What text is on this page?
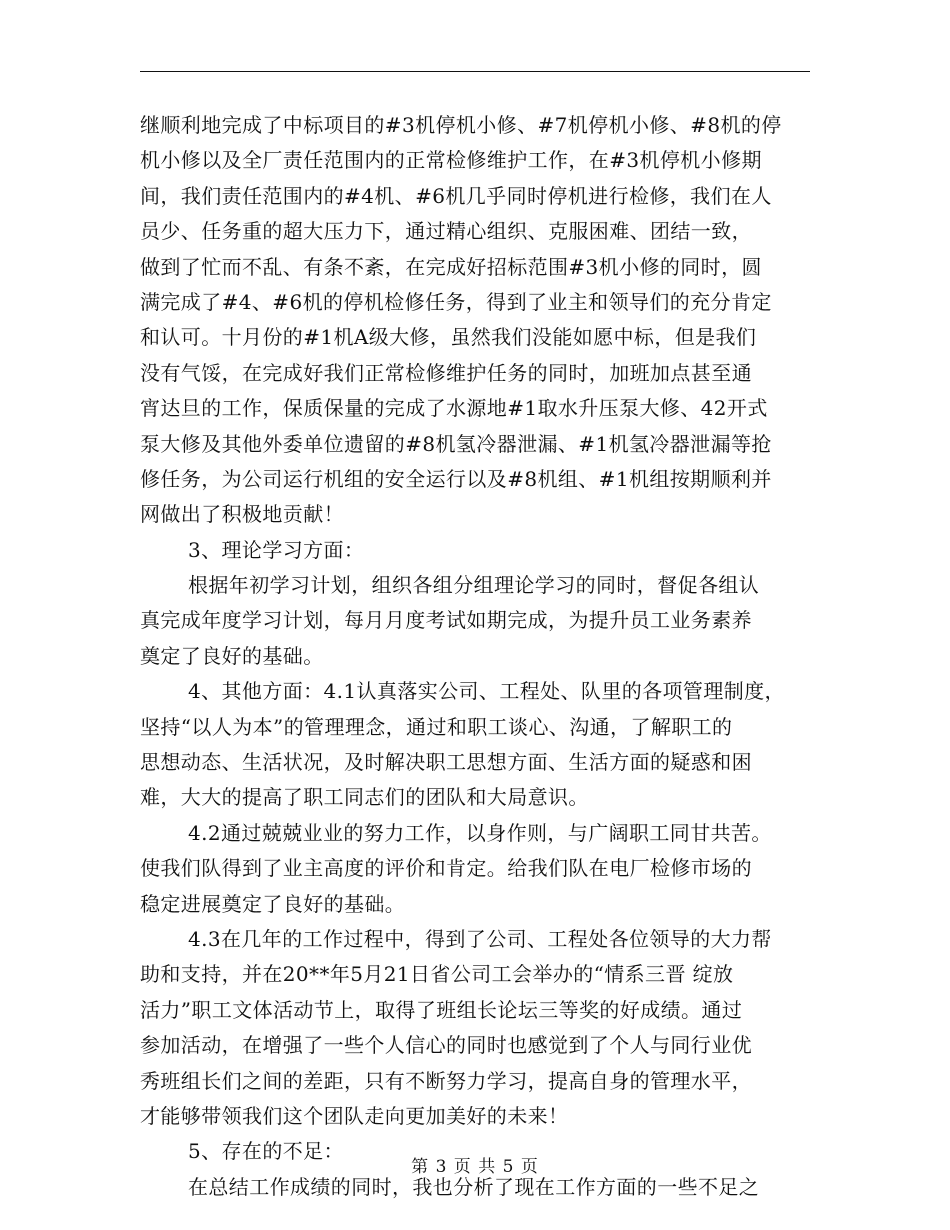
继顺利地完成了中标项目的#3机停机小修、#7机停机小修、#8机的停
机小修以及全厂责任范围内的正常检修维护工作，在#3机停机小修期
间，我们责任范围内的#4机、#6机几乎同时停机进行检修，我们在人
员少、任务重的超大压力下，通过精心组织、克服困难、团结一致，
做到了忙而不乱、有条不紊，在完成好招标范围#3机小修的同时，圆
满完成了#4、#6机的停机检修任务，得到了业主和领导们的充分肯定
和认可。十月份的#1机A级大修，虽然我们没能如愿中标，但是我们
没有气馁，在完成好我们正常检修维护任务的同时，加班加点甚至通
宵达旦的工作，保质保量的完成了水源地#1取水升压泵大修、42开式
泵大修及其他外委单位遗留的#8机氢冷器泄漏、#1机氢冷器泄漏等抢
修任务，为公司运行机组的安全运行以及#8机组、#1机组按期顺利并
网做出了积极地贡献！
3、理论学习方面：
根据年初学习计划，组织各组分组理论学习的同时，督促各组认
真完成年度学习计划，每月月度考试如期完成，为提升员工业务素养
奠定了良好的基础。
4、其他方面：4.1认真落实公司、工程处、队里的各项管理制度，
坚持“以人为本”的管理理念，通过和职工谈心、沟通，了解职工的
思想动态、生活状况，及时解决职工思想方面、生活方面的疑惑和困
难，大大的提高了职工同志们的团队和大局意识。
4.2通过兢兢业业的努力工作，以身作则，与广阔职工同甘共苦。
使我们队得到了业主高度的评价和肯定。给我们队在电厂检修市场的
稳定进展奠定了良好的基础。
4.3在几年的工作过程中，得到了公司、工程处各位领导的大力帮
助和支持，并在20**年5月21日省公司工会举办的“情系三晋 绽放
活力”职工文体活动节上，取得了班组长论坛三等奖的好成绩。通过
参加活动，在增强了一些个人信心的同时也感觉到了个人与同行业优
秀班组长们之间的差距，只有不断努力学习，提高自身的管理水平，
才能够带领我们这个团队走向更加美好的未来！
5、存在的不足：
在总结工作成绩的同时，我也分析了现在工作方面的一些不足之
第 3 页 共 5 页
